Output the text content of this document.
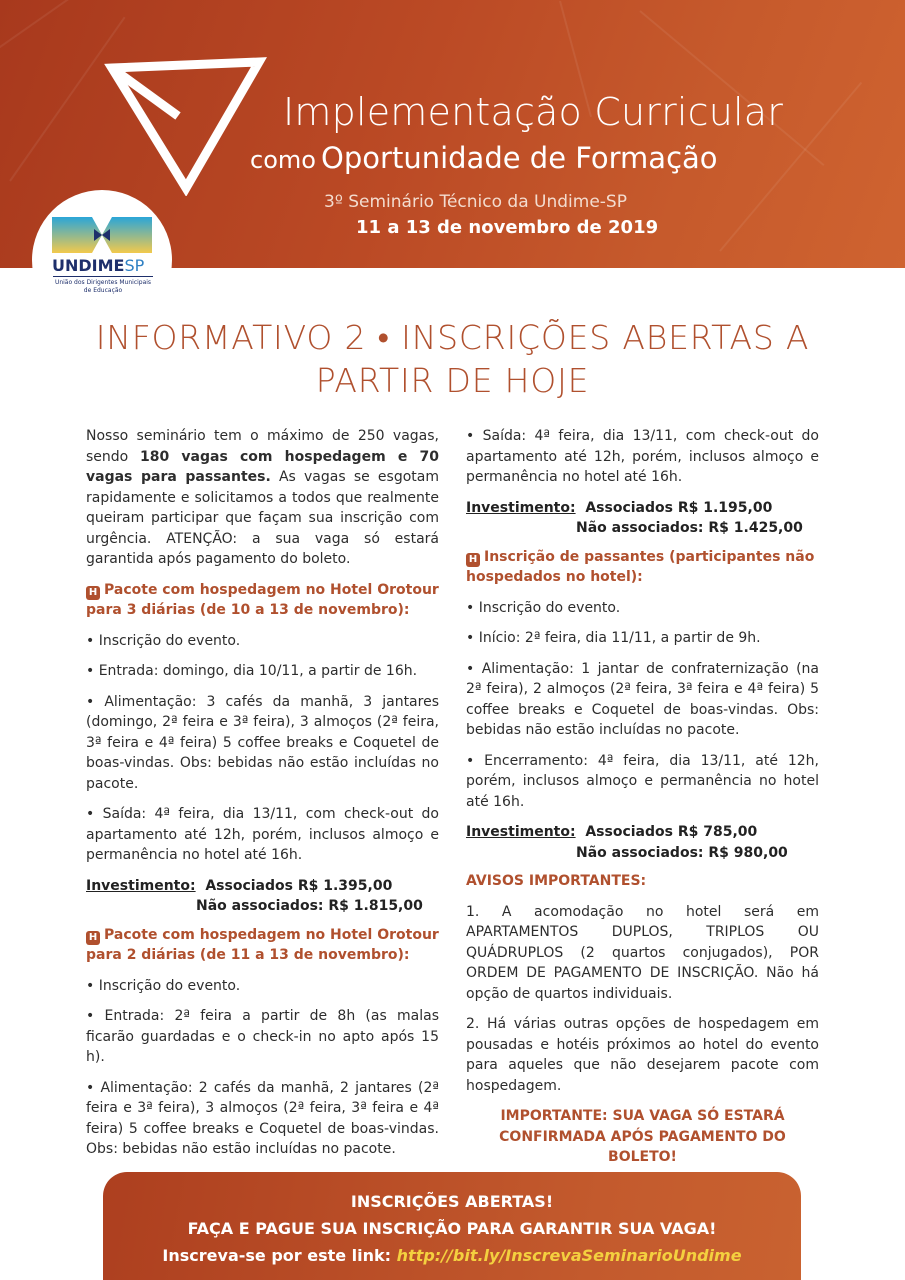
Implementação Curricular
como Oportunidade de Formação
3º Seminário Técnico da Undime-SP
11 a 13 de novembro de 2019
UNDIMESP
União dos Dirigentes Municipais de Educação
INFORMATIVO 2 • INSCRIÇÕES ABERTAS A PARTIR DE HOJE

Nosso seminário tem o máximo de 250 vagas, sendo 180 vagas com hospedagem e 70 vagas para passantes. As vagas se esgotam rapidamente e solicitamos a todos que realmente queiram participar que façam sua inscrição com urgência. ATENÇÃO: a sua vaga só estará garantida após pagamento do boleto.

H Pacote com hospedagem no Hotel Orotour para 3 diárias (de 10 a 13 de novembro):

• Inscrição do evento.

• Entrada: domingo, dia 10/11, a partir de 16h.

• Alimentação: 3 cafés da manhã, 3 jantares (domingo, 2ª feira e 3ª feira), 3 almoços (2ª feira, 3ª feira e 4ª feira) 5 coffee breaks e Coquetel de boas-vindas. Obs: bebidas não estão incluídas no pacote.

• Saída: 4ª feira, dia 13/11, com check-out do apartamento até 12h, porém, inclusos almoço e permanência no hotel até 16h.

Investimento: Associados R$ 1.395,00
Não associados: R$ 1.815,00

H Pacote com hospedagem no Hotel Orotour para 2 diárias (de 11 a 13 de novembro):

• Inscrição do evento.

• Entrada: 2ª feira a partir de 8h (as malas ficarão guardadas e o check-in no apto após 15 h).

• Alimentação: 2 cafés da manhã, 2 jantares (2ª feira e 3ª feira), 3 almoços (2ª feira, 3ª feira e 4ª feira) 5 coffee breaks e Coquetel de boas-vindas. Obs: bebidas não estão incluídas no pacote.

• Saída: 4ª feira, dia 13/11, com check-out do apartamento até 12h, porém, inclusos almoço e permanência no hotel até 16h.

Investimento: Associados R$ 1.195,00
Não associados: R$ 1.425,00

H Inscrição de passantes (participantes não hospedados no hotel):

• Inscrição do evento.

• Início: 2ª feira, dia 11/11, a partir de 9h.

• Alimentação: 1 jantar de confraternização (na 2ª feira), 2 almoços (2ª feira, 3ª feira e 4ª feira) 5 coffee breaks e Coquetel de boas-vindas. Obs: bebidas não estão incluídas no pacote.

• Encerramento: 4ª feira, dia 13/11, até 12h, porém, inclusos almoço e permanência no hotel até 16h.

Investimento: Associados R$ 785,00
Não associados: R$ 980,00

AVISOS IMPORTANTES:

1. A acomodação no hotel será em APARTAMENTOS DUPLOS, TRIPLOS OU QUÁDRUPLOS (2 quartos conjugados), POR ORDEM DE PAGAMENTO DE INSCRIÇÃO. Não há opção de quartos individuais.

2. Há várias outras opções de hospedagem em pousadas e hotéis próximos ao hotel do evento para aqueles que não desejarem pacote com hospedagem.

IMPORTANTE: SUA VAGA SÓ ESTARÁ
CONFIRMADA APÓS PAGAMENTO DO BOLETO!
INSCRIÇÕES ABERTAS!
FAÇA E PAGUE SUA INSCRIÇÃO PARA GARANTIR SUA VAGA!
Inscreva-se por este link: http://bit.ly/InscrevaSeminarioUndime
